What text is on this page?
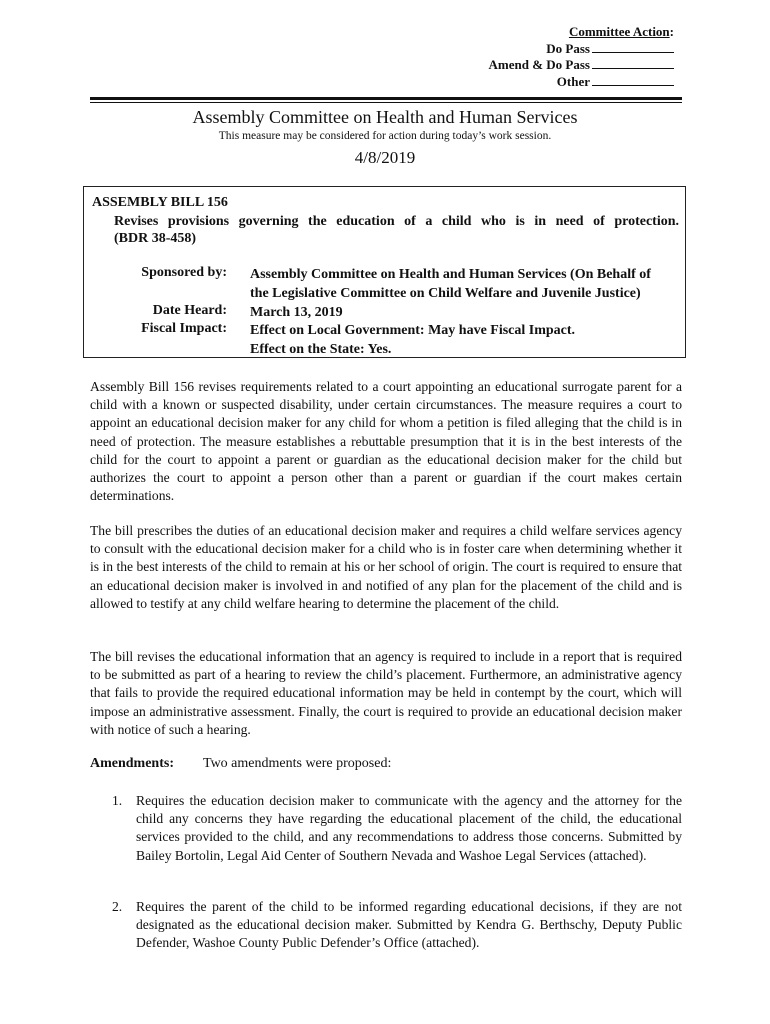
Committee Action:
Do Pass
Amend & Do Pass
Other
Assembly Committee on Health and Human Services
This measure may be considered for action during today’s work session.
4/8/2019
ASSEMBLY BILL 156
Revises provisions governing the education of a child who is in need of protection.
(BDR 38-458)
Sponsored by: Assembly Committee on Health and Human Services (On Behalf of
the Legislative Committee on Child Welfare and Juvenile Justice)
Date Heard: March 13, 2019
Fiscal Impact: Effect on Local Government: May have Fiscal Impact.
Effect on the State: Yes.
Assembly Bill 156 revises requirements related to a court appointing an educational surrogate parent for a child with a known or suspected disability, under certain circumstances. The measure requires a court to appoint an educational decision maker for any child for whom a petition is filed alleging that the child is in need of protection. The measure establishes a rebuttable presumption that it is in the best interests of the child for the court to appoint a parent or guardian as the educational decision maker for the child but authorizes the court to appoint a person other than a parent or guardian if the court makes certain determinations.
The bill prescribes the duties of an educational decision maker and requires a child welfare services agency to consult with the educational decision maker for a child who is in foster care when determining whether it is in the best interests of the child to remain at his or her school of origin. The court is required to ensure that an educational decision maker is involved in and notified of any plan for the placement of the child and is allowed to testify at any child welfare hearing to determine the placement of the child.
The bill revises the educational information that an agency is required to include in a report that is required to be submitted as part of a hearing to review the child’s placement. Furthermore, an administrative agency that fails to provide the required educational information may be held in contempt by the court, which will impose an administrative assessment. Finally, the court is required to provide an educational decision maker with notice of such a hearing.
Amendments: Two amendments were proposed:
1. Requires the education decision maker to communicate with the agency and the attorney for the child any concerns they have regarding the educational placement of the child, the educational services provided to the child, and any recommendations to address those concerns. Submitted by Bailey Bortolin, Legal Aid Center of Southern Nevada and Washoe Legal Services (attached).
2. Requires the parent of the child to be informed regarding educational decisions, if they are not designated as the educational decision maker. Submitted by Kendra G. Berthschy, Deputy Public Defender, Washoe County Public Defender’s Office (attached).
